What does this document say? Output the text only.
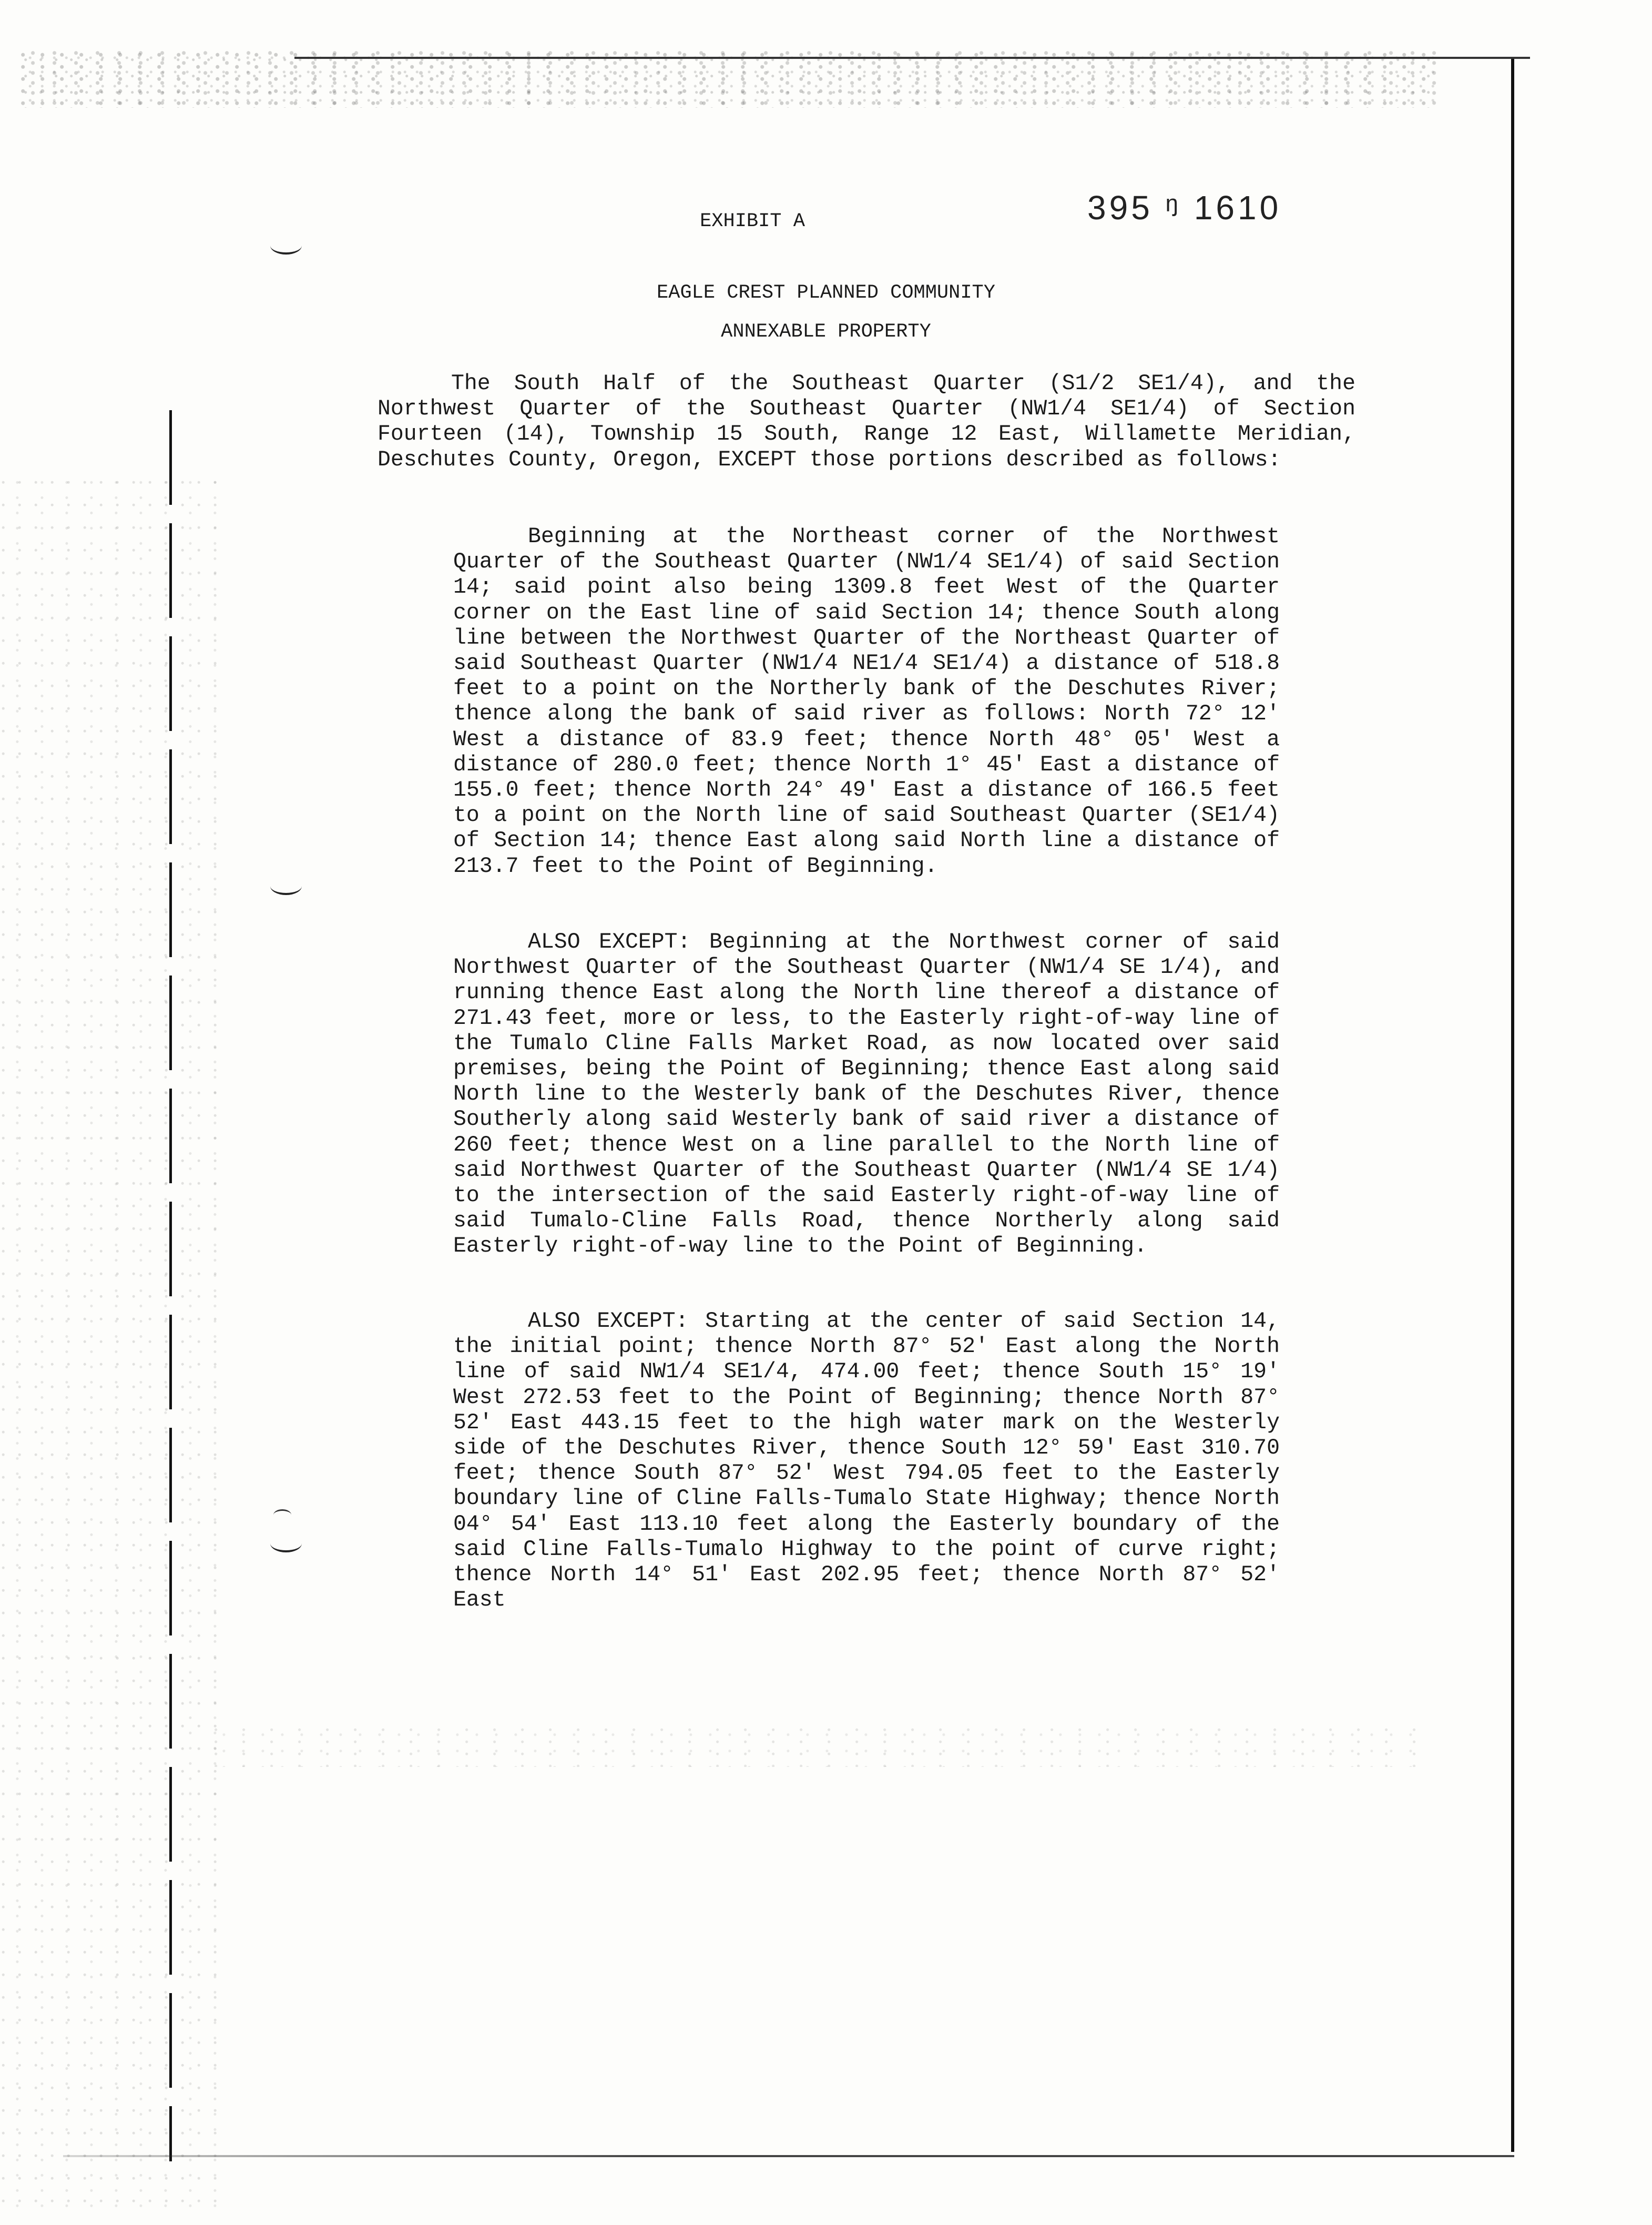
395 ᵑ 1610
EXHIBIT A
EAGLE CREST PLANNED COMMUNITY
ANNEXABLE PROPERTY

The South Half of the Southeast Quarter (S1/2 SE1/4), and the Northwest Quarter of the Southeast Quarter (NW1/4 SE1/4) of Section Fourteen (14), Township 15 South, Range 12 East, Willamette Meridian, Deschutes County, Oregon, EXCEPT those portions described as follows:

Beginning at the Northeast corner of the Northwest Quarter of the Southeast Quarter (NW1/4 SE1/4) of said Section 14; said point also being 1309.8 feet West of the Quarter corner on the East line of said Section 14; thence South along line between the Northwest Quarter of the Northeast Quarter of said Southeast Quarter (NW1/4 NE1/4 SE1/4) a distance of 518.8 feet to a point on the Northerly bank of the Deschutes River; thence along the bank of said river as follows: North 72° 12' West a distance of 83.9 feet; thence North 48° 05' West a distance of 280.0 feet; thence North 1° 45' East a distance of 155.0 feet; thence North 24° 49' East a distance of 166.5 feet to a point on the North line of said Southeast Quarter (SE1/4) of Section 14; thence East along said North line a distance of 213.7 feet to the Point of Beginning.

ALSO EXCEPT: Beginning at the Northwest corner of said Northwest Quarter of the Southeast Quarter (NW1/4 SE 1/4), and running thence East along the North line thereof a distance of 271.43 feet, more or less, to the Easterly right-of-way line of the Tumalo Cline Falls Market Road, as now located over said premises, being the Point of Beginning; thence East along said North line to the Westerly bank of the Deschutes River, thence Southerly along said Westerly bank of said river a distance of 260 feet; thence West on a line parallel to the North line of said Northwest Quarter of the Southeast Quarter (NW1/4 SE 1/4) to the intersection of the said Easterly right-of-way line of said Tumalo-Cline Falls Road, thence Northerly along said Easterly right-of-way line to the Point of Beginning.

ALSO EXCEPT: Starting at the center of said Section 14, the initial point; thence North 87° 52' East along the North line of said NW1/4 SE1/4, 474.00 feet; thence South 15° 19' West 272.53 feet to the Point of Beginning; thence North 87° 52' East 443.15 feet to the high water mark on the Westerly side of the Deschutes River, thence South 12° 59' East 310.70 feet; thence South 87° 52' West 794.05 feet to the Easterly boundary line of Cline Falls-Tumalo State Highway; thence North 04° 54' East 113.10 feet along the Easterly boundary of the said Cline Falls-Tumalo Highway to the point of curve right; thence North 14° 51' East 202.95 feet; thence North 87° 52' East
